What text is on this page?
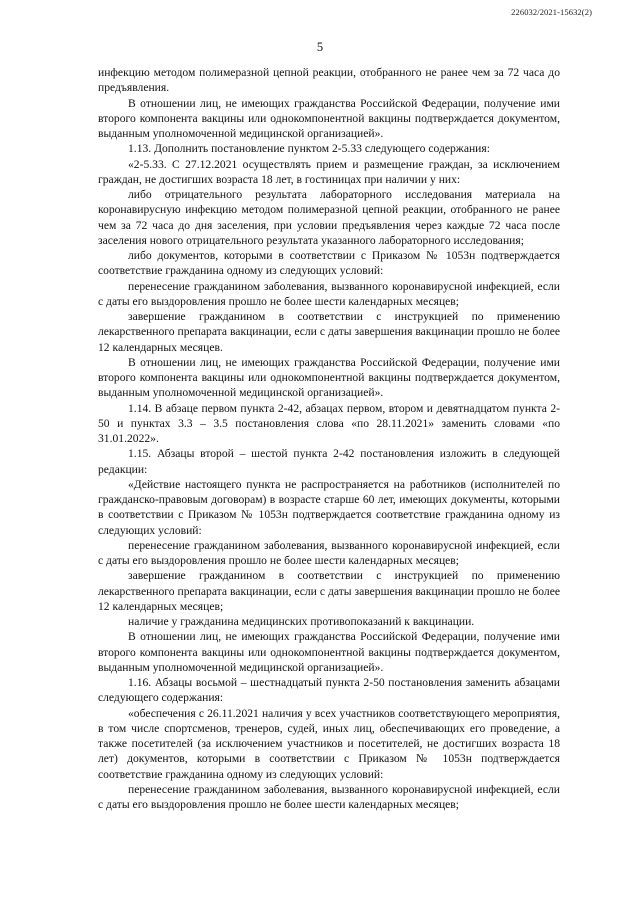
226032/2021-15632(2)
5

инфекцию методом полимеразной цепной реакции, отобранного не ранее чем за 72 часа до предъявления.

В отношении лиц, не имеющих гражданства Российской Федерации, получение ими второго компонента вакцины или однокомпонентной вакцины подтверждается документом, выданным уполномоченной медицинской организацией».

1.13. Дополнить постановление пунктом 2-5.33 следующего содержания:

«2-5.33. С 27.12.2021 осуществлять прием и размещение граждан, за исключением граждан, не достигших возраста 18 лет, в гостиницах при наличии у них:

либо отрицательного результата лабораторного исследования материала на коронавирусную инфекцию методом полимеразной цепной реакции, отобранного не ранее чем за 72 часа до дня заселения, при условии предъявления через каждые 72 часа после заселения нового отрицательного результата указанного лабораторного исследования;

либо документов, которыми в соответствии с Приказом № 1053н подтверждается соответствие гражданина одному из следующих условий:

перенесение гражданином заболевания, вызванного коронавирусной инфекцией, если с даты его выздоровления прошло не более шести календарных месяцев;

завершение гражданином в соответствии с инструкцией по применению лекарственного препарата вакцинации, если с даты завершения вакцинации прошло не более 12 календарных месяцев.

В отношении лиц, не имеющих гражданства Российской Федерации, получение ими второго компонента вакцины или однокомпонентной вакцины подтверждается документом, выданным уполномоченной медицинской организацией».

1.14. В абзаце первом пункта 2-42, абзацах первом, втором и девятнадцатом пункта 2-50 и пунктах 3.3 – 3.5 постановления слова «по 28.11.2021» заменить словами «по 31.01.2022».

1.15. Абзацы второй – шестой пункта 2-42 постановления изложить в следующей редакции:

«Действие настоящего пункта не распространяется на работников (исполнителей по гражданско-правовым договорам) в возрасте старше 60 лет, имеющих документы, которыми в соответствии с Приказом № 1053н подтверждается соответствие гражданина одному из следующих условий:

перенесение гражданином заболевания, вызванного коронавирусной инфекцией, если с даты его выздоровления прошло не более шести календарных месяцев;

завершение гражданином в соответствии с инструкцией по применению лекарственного препарата вакцинации, если с даты завершения вакцинации прошло не более 12 календарных месяцев;

наличие у гражданина медицинских противопоказаний к вакцинации.

В отношении лиц, не имеющих гражданства Российской Федерации, получение ими второго компонента вакцины или однокомпонентной вакцины подтверждается документом, выданным уполномоченной медицинской организацией».

1.16. Абзацы восьмой – шестнадцатый пункта 2-50 постановления заменить абзацами следующего содержания:

«обеспечения с 26.11.2021 наличия у всех участников соответствующего мероприятия, в том числе спортсменов, тренеров, судей, иных лиц, обеспечивающих его проведение, а также посетителей (за исключением участников и посетителей, не достигших возраста 18 лет) документов, которыми в соответствии с Приказом № 1053н подтверждается соответствие гражданина одному из следующих условий:

перенесение гражданином заболевания, вызванного коронавирусной инфекцией, если с даты его выздоровления прошло не более шести календарных месяцев;
